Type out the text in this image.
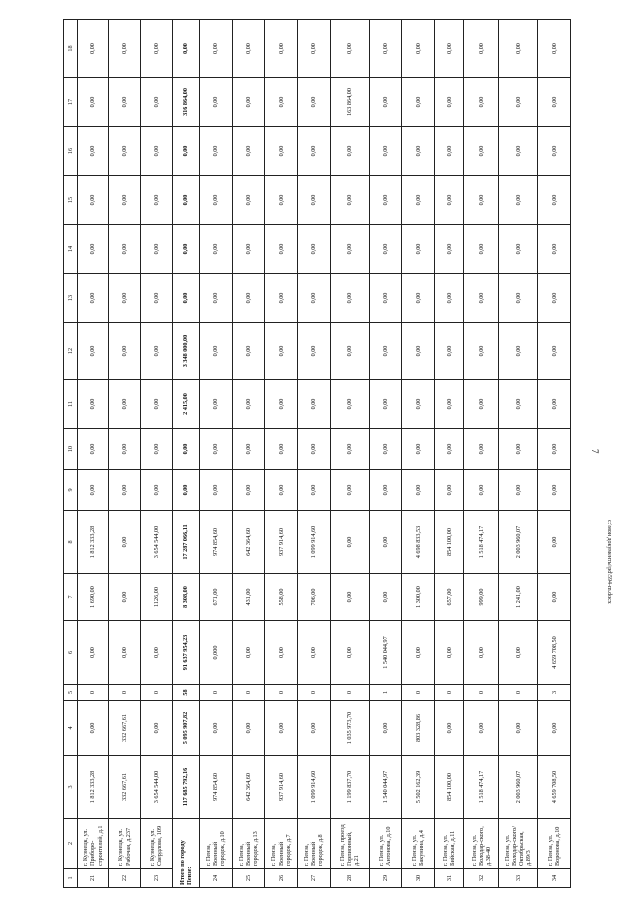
7
1	2	3	4	5	6	7	8	9	10	11	12	13	14	15	16	17	18
21	г. Кузнецк, ул. Приборо-строителей, д.1	1 812 333,28	0,00	0	0,00	1 690,00	1 812 333,28	0,00	0,00	0,00	0,00	0,00	0,00	0,00	0,00	0,00	0,00
22	г. Кузнецк, ул. Рабочая, д.237	332 667,61	332 667,61	0	0,00	0,00	0,00	0,00	0,00	0,00	0,00	0,00	0,00	0,00	0,00	0,00	0,00
23	г. Кузнецк, ул. Свердлова, 109	3 654 544,00	0,00	0	0,00	1126,00	3 654 544,00	0,00	0,00	0,00	0,00	0,00	0,00	0,00	0,00	0,00	0,00
Итого по городу Пензе:		117 685 792,16	5 095 907,82	58	91 637 954,23	8 308,00	17 287 066,11	0,00	0,00	2 415,00	3 348 000,00	0,00	0,00	0,00	0,00	316 864,00	0,00
24	г. Пенза, Военный городок, д.10	974 854,60	0,00	0	0,000	671,00	974 854,60	0,00	0,00	0,00	0,00	0,00	0,00	0,00	0,00	0,00	0,00
25	г. Пенза, Военный городок, д.13	642 364,60	0,00	0	0,00	431,00	642 364,60	0,00	0,00	0,00	0,00	0,00	0,00	0,00	0,00	0,00	0,00
26	г. Пенза, Военный городок, д.7	937 914,60	0,00	0	0,00	558,00	937 914,60	0,00	0,00	0,00	0,00	0,00	0,00	0,00	0,00	0,00	0,00
27	г. Пенза, Военный городок, д.8	1 099 914,60	0,00	0	0,00	706,00	1 099 914,60	0,00	0,00	0,00	0,00	0,00	0,00	0,00	0,00	0,00	0,00
28	г. Пенза, проезд Горпионный, д.21	1 199 837,70	1 035 973,70	0	0,00	0,00	0,00	0,00	0,00	0,00	0,00	0,00	0,00	0,00	0,00	163 864,00	0,00
29	г. Пенза, ул. Антонова, д.10	1 540 044,97	0,00	1	1 540 044,97	0,00	0,00	0,00	0,00	0,00	0,00	0,00	0,00	0,00	0,00	0,00	0,00
30	г. Пенза, ул. Бакунина, д.4	5 502 162,39	803 328,86	0	0,00	1 300,00	4 698 833,53	0,00	0,00	0,00	0,00	0,00	0,00	0,00	0,00	0,00	0,00
31	г. Пенза, ул. Бийская, д.11	854 100,00	0,00	0	0,00	657,00	854 100,00	0,00	0,00	0,00	0,00	0,00	0,00	0,00	0,00	0,00	0,00
32	г. Пенза, ул. Володар-ского, д.38-40	1 518 474,17	0,00	0	0,00	999,00	1 518 474,17	0,00	0,00	0,00	0,00	0,00	0,00	0,00	0,00	0,00	0,00
33	г. Пенза, ул. Володар-ского/ Октябрьская, д.89/3	2 003 960,07	0,00	0	0,00	1 241,00	2 003 960,07	0,00	0,00	0,00	0,00	0,00	0,00	0,00	0,00	0,00	0,00
34	г. Пенза, ул. Воронова, д.10	4 659 708,50	0,00	3	4 659 708,50	0,00	0,00	0,00	0,00	0,00	0,00	0,00	0,00	0,00	0,00	0,00	0,00
c:\мои документы\pd\594-m.docx
